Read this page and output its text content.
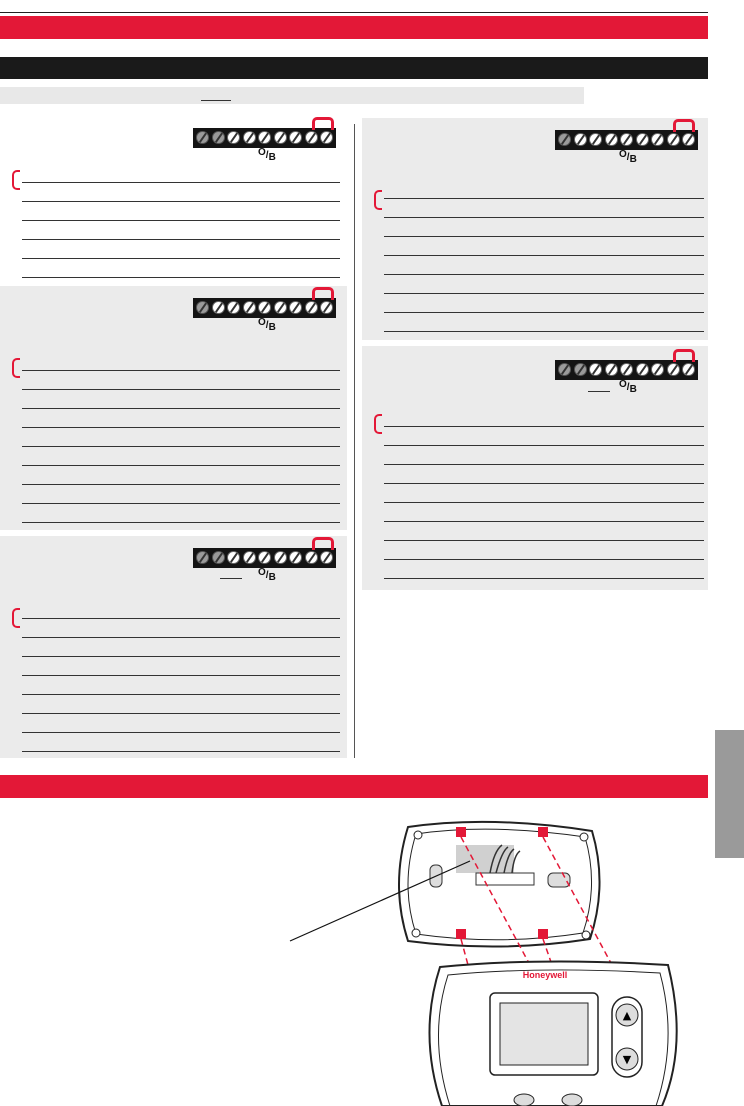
O/B
O/B
O/B
O/B
O/B
▲
▼
Honeywell
